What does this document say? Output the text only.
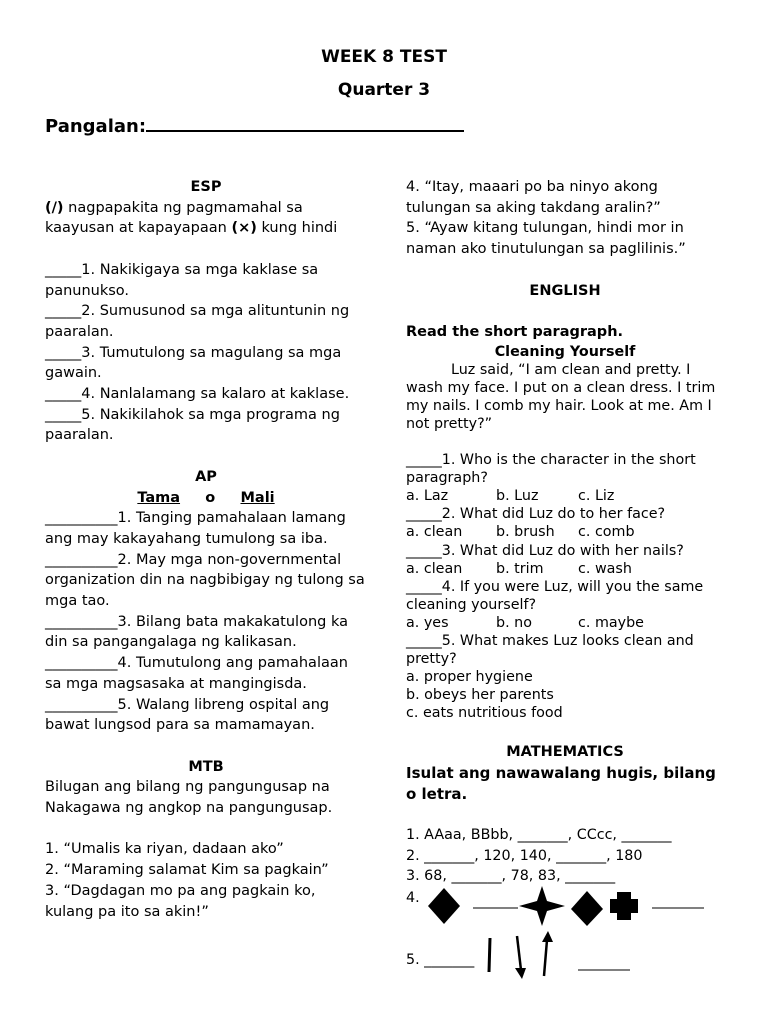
WEEK 8 TEST
Quarter 3
Pangalan:
ESP

(/) nagpapakita ng pagmamahal sa kaayusan at kapayapaan (×) kung hindi

_____1. Nakikigaya sa mga kaklase sa panunukso.

_____2. Sumusunod sa mga alituntunin ng paaralan.

_____3. Tumutulong sa magulang sa mga gawain.

_____4. Nanlalamang sa kalaro at kaklase.

_____5. Nakikilahok sa mga programa ng paaralan.

AP
Tama o Mali

__________1. Tanging pamahalaan lamang ang may kakayahang tumulong sa iba.

__________2. May mga non-governmental organization din na nagbibigay ng tulong sa mga tao.

__________3. Bilang bata makakatulong ka din sa pangangalaga ng kalikasan.

__________4. Tumutulong ang pamahalaan sa mga magsasaka at mangingisda.

__________5. Walang libreng ospital ang bawat lungsod para sa mamamayan.

MTB

Bilugan ang bilang ng pangungusap na Nakagawa ng angkop na pangungusap.

1. “Umalis ka riyan, dadaan ako”

2. “Maraming salamat Kim sa pagkain”

3. “Dagdagan mo pa ang pagkain ko, kulang pa ito sa akin!”

4. “Itay, maaari po ba ninyo akong tulungan sa aking takdang aralin?”

5. “Ayaw kitang tulungan, hindi mor in naman ako tinutulungan sa paglilinis.”

ENGLISH

Read the short paragraph.

Cleaning Yourself

Luz said, “I am clean and pretty. I wash my face. I put on a clean dress. I trim my nails. I comb my hair. Look at me. Am I not pretty?”

_____1. Who is the character in the short paragraph?

a. Laz	b. Luz	c. Liz

_____2. What did Luz do to her face?

a. clean	b. brush	c. comb

_____3. What did Luz do with her nails?

a. clean	b. trim	c. wash

_____4. If you were Luz, will you the same cleaning yourself?

a. yes	b. no	c. maybe

_____5. What makes Luz looks clean and pretty?

a. proper hygiene

b. obeys her parents

c. eats nutritious food

MATHEMATICS

Isulat ang nawawalang hugis, bilang o letra.

1. AAaa, BBbb, _______, CCcc, _______

2. _______, 120, 140, _______, 180

3. 68, _______, 78, 83, _______

4.
5. _______
